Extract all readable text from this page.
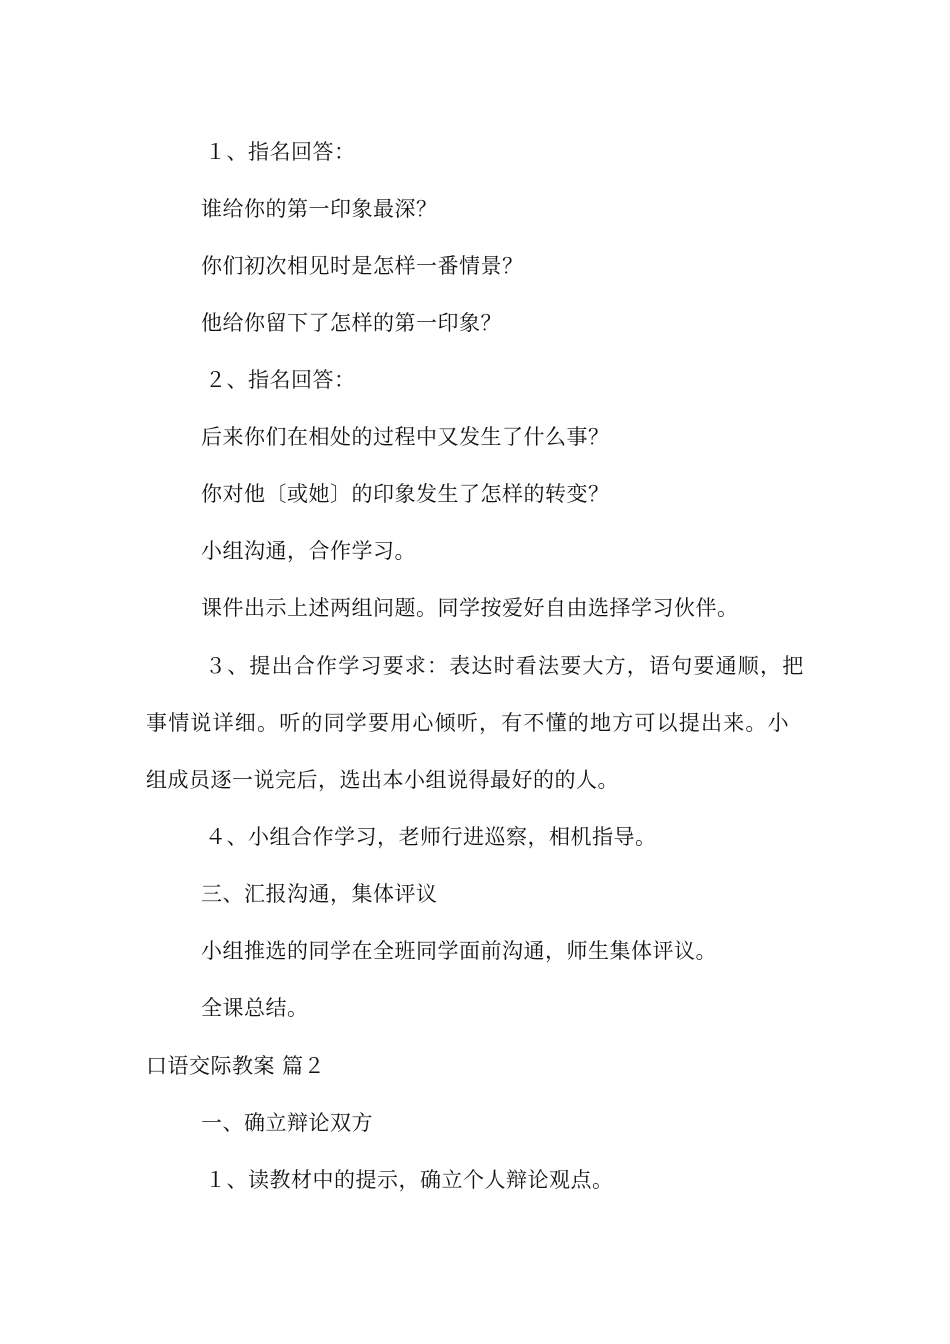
１、指名回答：
谁给你的第一印象最深？
你们初次相见时是怎样一番情景？
他给你留下了怎样的第一印象？
２、指名回答：
后来你们在相处的过程中又发生了什么事？
你对他〔或她〕的印象发生了怎样的转变？
小组沟通，合作学习。
课件出示上述两组问题。同学按爱好自由选择学习伙伴。
３、提出合作学习要求：表达时看法要大方，语句要通顺，把
事情说详细。听的同学要用心倾听，有不懂的地方可以提出来。小
组成员逐一说完后，选出本小组说得最好的的人。
４、小组合作学习，老师行进巡察，相机指导。
三、汇报沟通，集体评议
小组推选的同学在全班同学面前沟通，师生集体评议。
全课总结。
口语交际教案 篇２
一、确立辩论双方
１、读教材中的提示，确立个人辩论观点。
